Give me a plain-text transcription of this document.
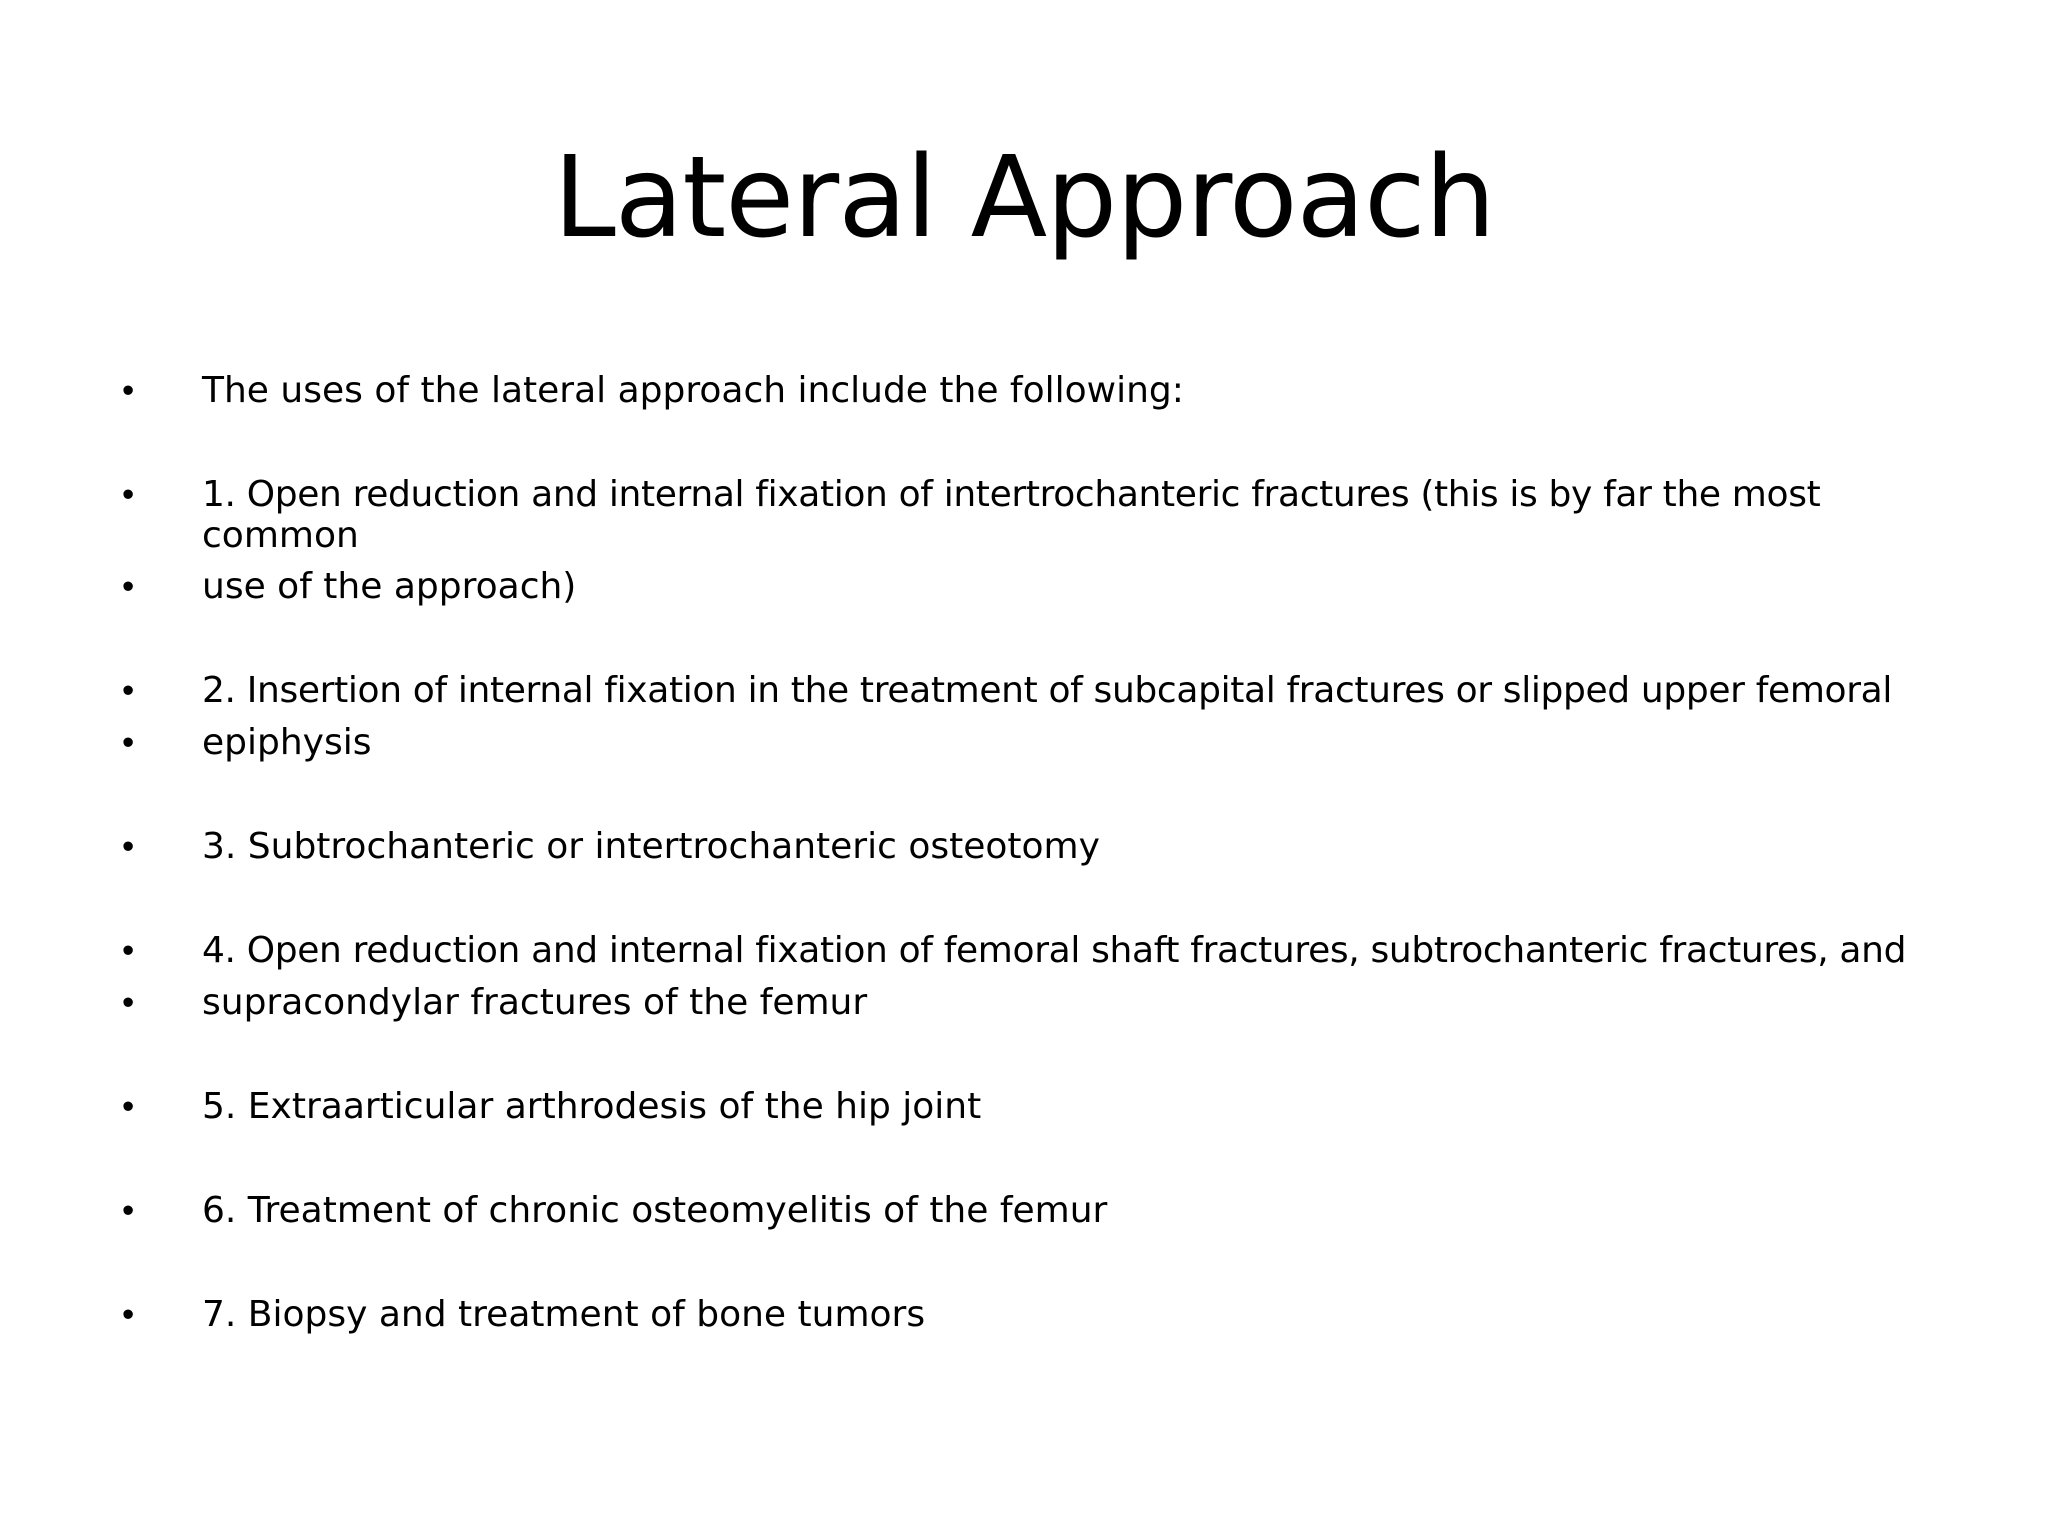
Lateral Approach
• The uses of the lateral approach include the following:
• 1. Open reduction and internal fixation of intertrochanteric fractures (this is by far the most
common
• use of the approach)
• 2. Insertion of internal fixation in the treatment of subcapital fractures or slipped upper femoral
• epiphysis
• 3. Subtrochanteric or intertrochanteric osteotomy
• 4. Open reduction and internal fixation of femoral shaft fractures, subtrochanteric fractures, and
• supracondylar fractures of the femur
• 5. Extraarticular arthrodesis of the hip joint
• 6. Treatment of chronic osteomyelitis of the femur
• 7. Biopsy and treatment of bone tumors
